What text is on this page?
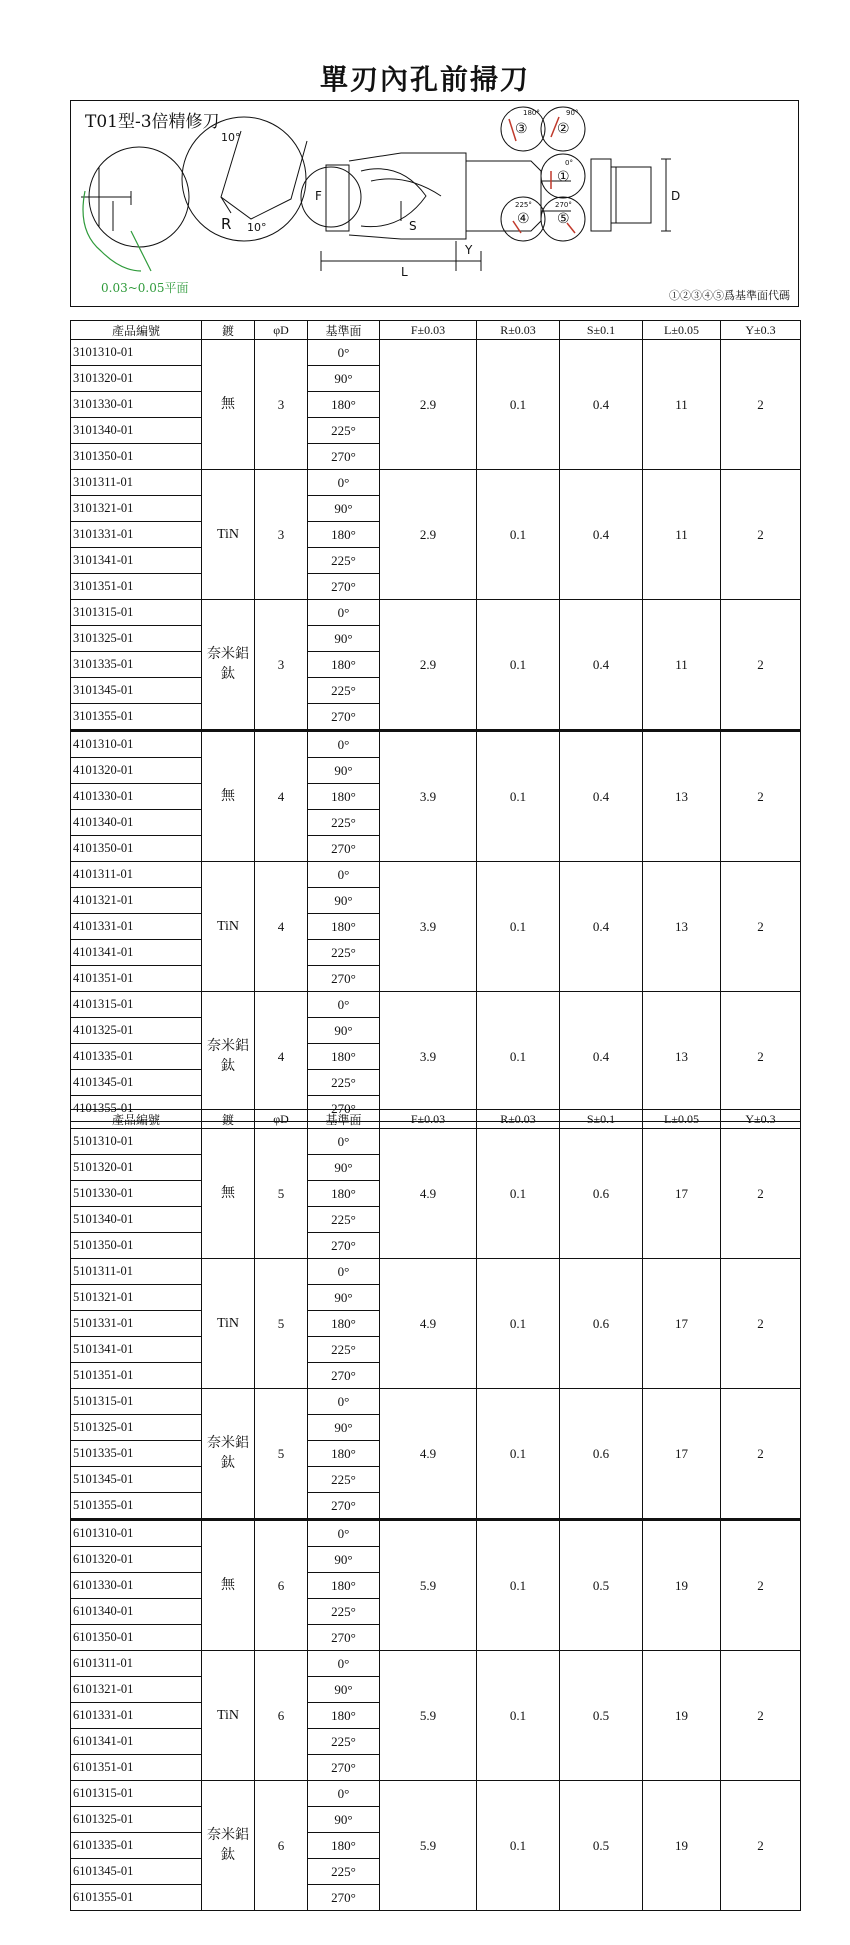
單刃內孔前掃刀
T01型-3倍精修刀
0.03~0.05平面
①②③④⑤爲基準面代碼
10°
10°
R
F
S
L
Y
D
180°	90°
0°
225°	270°
③ ②
①
④ ⑤
產品編號	鍍	φD	基準面	F±0.03	R±0.03	S±0.1	L±0.05	Y±0.3
3101310-01	無	3	0°	2.9	0.1	0.4	11	2
3101320-01			90°					
3101330-01			180°					
3101340-01			225°					
3101350-01			270°					
3101311-01	TiN	3	0°	2.9	0.1	0.4	11	2
3101321-01			90°					
3101331-01			180°					
3101341-01			225°					
3101351-01			270°					
3101315-01	奈米鋁鈦	3	0°	2.9	0.1	0.4	11	2
3101325-01			90°					
3101335-01			180°					
3101345-01			225°					
3101355-01			270°					
4101310-01	無	4	0°	3.9	0.1	0.4	13	2
4101320-01			90°					
4101330-01			180°					
4101340-01			225°					
4101350-01			270°					
4101311-01	TiN	4	0°	3.9	0.1	0.4	13	2
4101321-01			90°					
4101331-01			180°					
4101341-01			225°					
4101351-01			270°					
4101315-01	奈米鋁鈦	4	0°	3.9	0.1	0.4	13	2
4101325-01			90°					
4101335-01			180°					
4101345-01			225°					
4101355-01			270°					
產品編號	鍍	φD	基準面	F±0.03	R±0.03	S±0.1	L±0.05	Y±0.3
5101310-01	無	5	0°	4.9	0.1	0.6	17	2
5101320-01			90°					
5101330-01			180°					
5101340-01			225°					
5101350-01			270°					
5101311-01	TiN	5	0°	4.9	0.1	0.6	17	2
5101321-01			90°					
5101331-01			180°					
5101341-01			225°					
5101351-01			270°					
5101315-01	奈米鋁鈦	5	0°	4.9	0.1	0.6	17	2
5101325-01			90°					
5101335-01			180°					
5101345-01			225°					
5101355-01			270°					
6101310-01	無	6	0°	5.9	0.1	0.5	19	2
6101320-01			90°					
6101330-01			180°					
6101340-01			225°					
6101350-01			270°					
6101311-01	TiN	6	0°	5.9	0.1	0.5	19	2
6101321-01			90°					
6101331-01			180°					
6101341-01			225°					
6101351-01			270°					
6101315-01	奈米鋁鈦	6	0°	5.9	0.1	0.5	19	2
6101325-01			90°					
6101335-01			180°					
6101345-01			225°					
6101355-01			270°					
